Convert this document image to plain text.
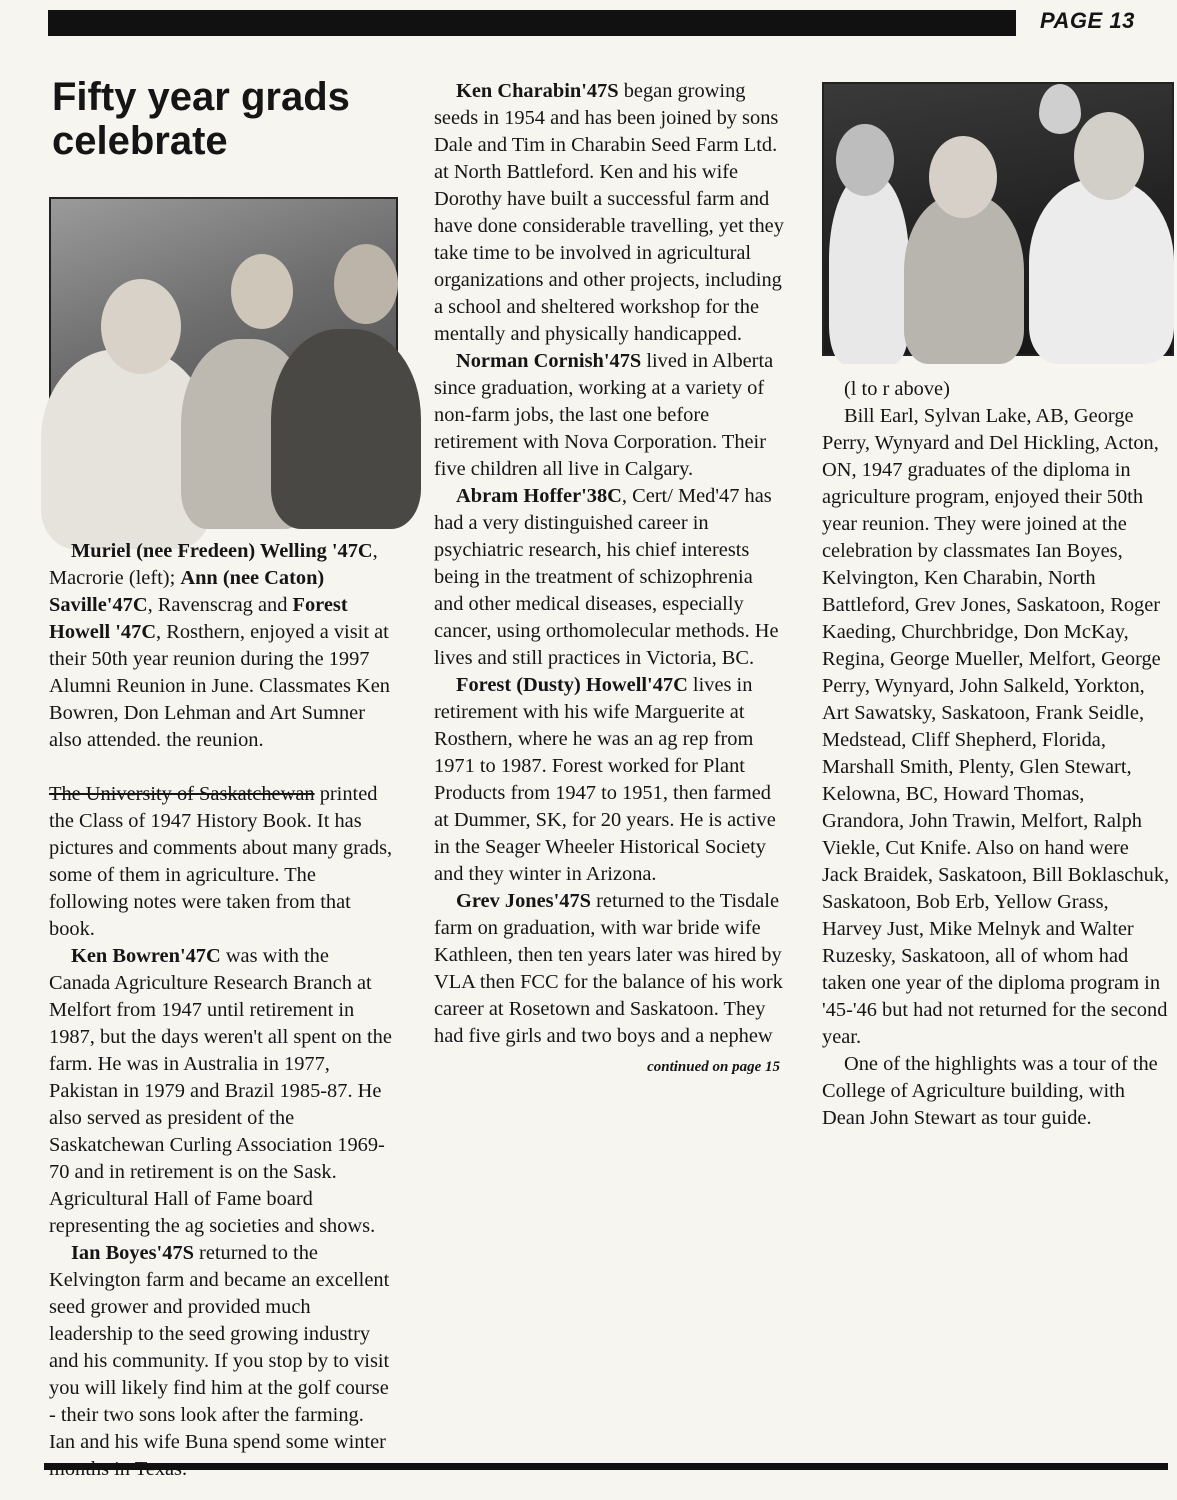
PAGE 13
Fifty year grads celebrate

Muriel (nee Fredeen) Welling '47C, Macrorie (left); Ann (nee Caton) Saville'47C, Ravenscrag and Forest Howell '47C, Rosthern, enjoyed a visit at their 50th year reunion during the 1997 Alumni Reunion in June. Classmates Ken Bowren, Don Lehman and Art Sumner also attended. the reunion.

The University of Saskatchewan printed the Class of 1947 History Book. It has pictures and comments about many grads, some of them in agriculture. The following notes were taken from that book.

Ken Bowren'47C was with the Canada Agriculture Research Branch at Melfort from 1947 until retirement in 1987, but the days weren't all spent on the farm. He was in Australia in 1977, Pakistan in 1979 and Brazil 1985-87. He also served as president of the Saskatchewan Curling Association 1969-70 and in retirement is on the Sask. Agricultural Hall of Fame board representing the ag societies and shows.

Ian Boyes'47S returned to the Kelvington farm and became an excellent seed grower and provided much leadership to the seed growing industry and his community. If you stop by to visit you will likely find him at the golf course - their two sons look after the farming. Ian and his wife Buna spend some winter

Ken Charabin'47S began growing seeds in 1954 and has been joined by sons Dale and Tim in Charabin Seed Farm Ltd. at North Battleford. Ken and his wife Dorothy have built a successful farm and have done considerable travelling, yet they take time to be involved in agricultural organizations and other projects, including a school and sheltered workshop for the mentally and physically handicapped.

Norman Cornish'47S lived in Alberta since graduation, working at a variety of non-farm jobs, the last one before retirement with Nova Corporation. Their five children all live in Calgary.

Abram Hoffer'38C, Cert/ Med'47 has had a very distinguished career in psychiatric research, his chief interests being in the treatment of schizophrenia and other medical diseases, especially cancer, using orthomolecular methods. He lives and still practices in Victoria, BC.

Forest (Dusty) Howell'47C lives in retirement with his wife Marguerite at Rosthern, where he was an ag rep from 1971 to 1987. Forest worked for Plant Products from 1947 to 1951, then farmed at Dummer, SK, for 20 years. He is active in the Seager Wheeler Historical Society and they winter in Arizona.

Grev Jones'47S returned to the Tisdale farm on graduation, with war bride wife Kathleen, then ten years later was hired by VLA then FCC for the balance of his work career at Rosetown and Saskatoon. They had five girls and two boys and a nephew

continued on page 15

(l to r above)

Bill Earl, Sylvan Lake, AB, George Perry, Wynyard and Del Hickling, Acton, ON, 1947 graduates of the diploma in agriculture program, enjoyed their 50th year reunion. They were joined at the celebration by classmates Ian Boyes, Kelvington, Ken Charabin, North Battleford, Grev Jones, Saskatoon, Roger Kaeding, Churchbridge, Don McKay, Regina, George Mueller, Melfort, George Perry, Wynyard, John Salkeld, Yorkton, Art Sawatsky, Saskatoon, Frank Seidle, Medstead, Cliff Shepherd, Florida, Marshall Smith, Plenty, Glen Stewart, Kelowna, BC, Howard Thomas, Grandora, John Trawin, Melfort, Ralph Viekle, Cut Knife. Also on hand were Jack Braidek, Saskatoon, Bill Boklaschuk, Saskatoon, Bob Erb, Yellow Grass, Harvey Just, Mike Melnyk and Walter Ruzesky, Saskatoon, all of whom had taken one year of the diploma program in '45-'46 but had not returned for the second year.

One of the highlights was a tour of the College of Agriculture building, with Dean John Stewart as tour guide.
